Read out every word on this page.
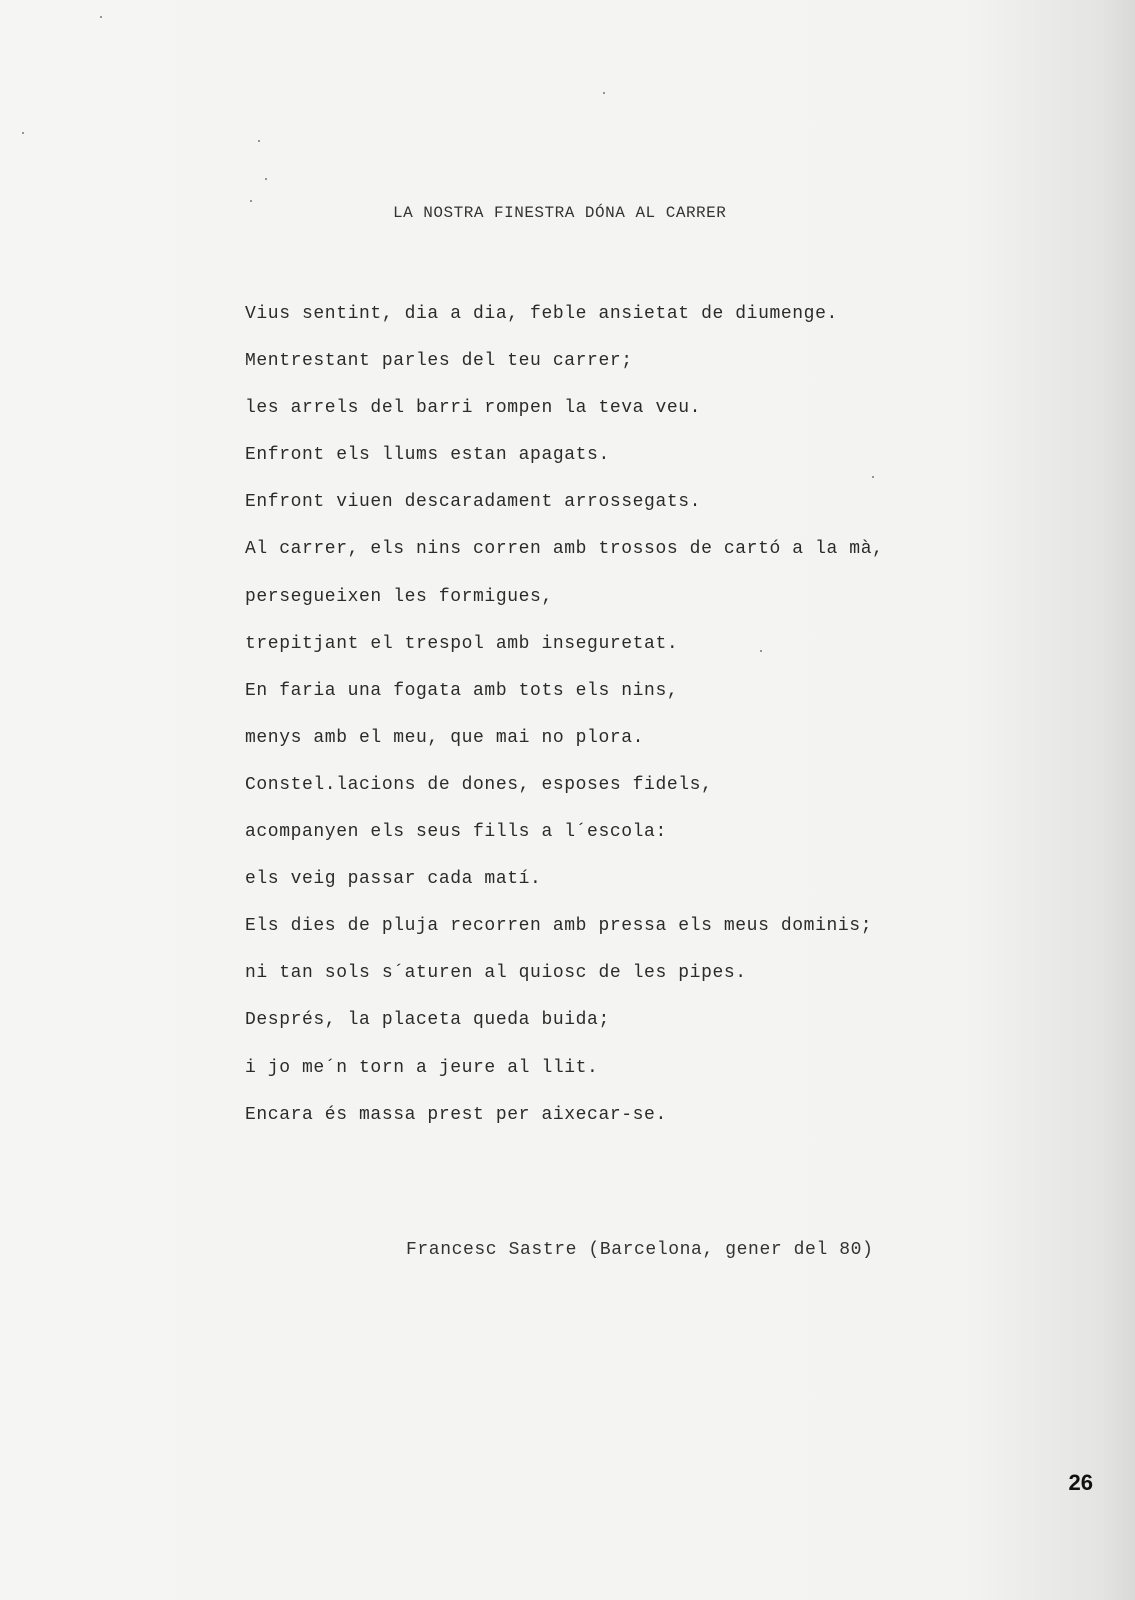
LA NOSTRA FINESTRA DÓNA AL CARRER
Vius sentint, dia a dia, feble ansietat de diumenge.
Mentrestant parles del teu carrer;
les arrels del barri rompen la teva veu.
Enfront els llums estan apagats.
Enfront viuen descaradament arrossegats.
Al carrer, els nins corren amb trossos de cartó a la mà,
persegueixen les formigues,
trepitjant el trespol amb inseguretat.
En faria una fogata amb tots els nins,
menys amb el meu, que mai no plora.
Constel.lacions de dones, esposes fidels,
acompanyen els seus fills a l´escola:
els veig passar cada matí.
Els dies de pluja recorren amb pressa els meus dominis;
ni tan sols s´aturen al quiosc de les pipes.
Després, la placeta queda buida;
i jo me´n torn a jeure al llit.
Encara és massa prest per aixecar-se.
Francesc Sastre (Barcelona, gener del 80)
26
